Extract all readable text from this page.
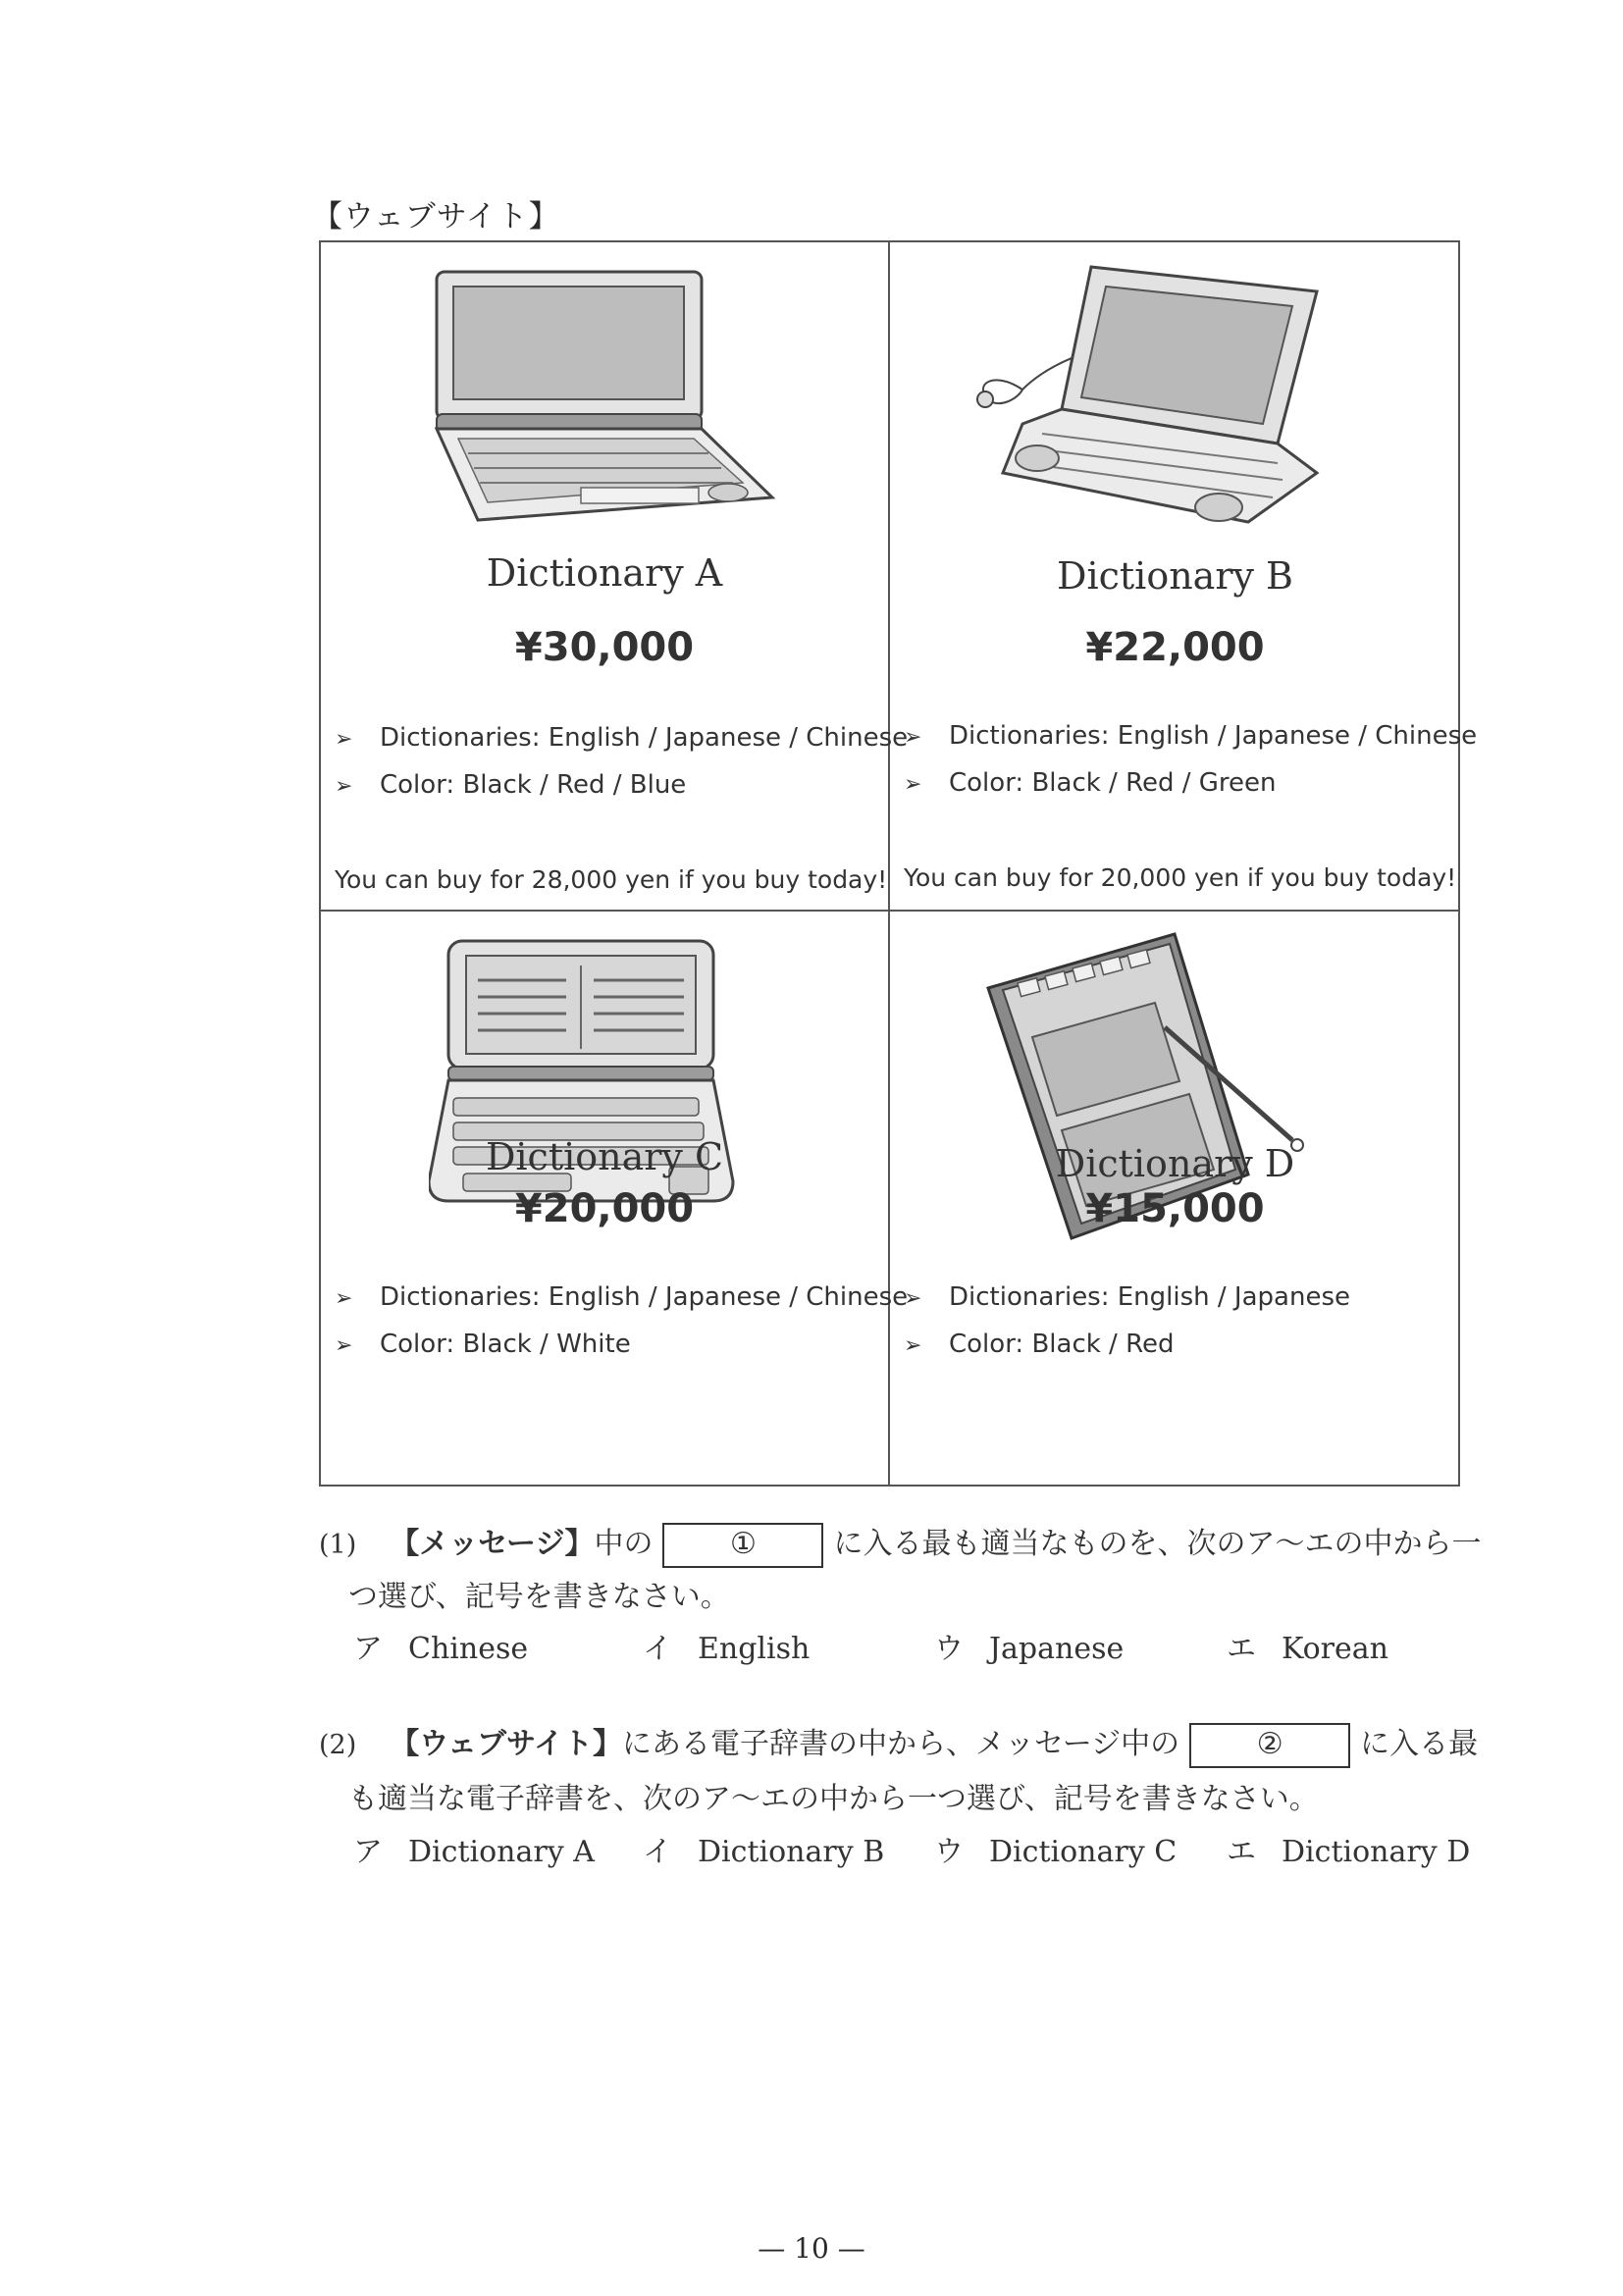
【ウェブサイト】
Dictionary A
¥30,000
➢ Dictionaries: English / Japanese / Chinese
➢ Color: Black / Red / Blue
You can buy for 28,000 yen if you buy today!
Dictionary B
¥22,000
➢ Dictionaries: English / Japanese / Chinese
➢ Color: Black / Red / Green
You can buy for 20,000 yen if you buy today!
Dictionary C
¥20,000
➢ Dictionaries: English / Japanese / Chinese
➢ Color: Black / White
Dictionary D
¥15,000
➢ Dictionaries: English / Japanese
➢ Color: Black / Red
(1) 【メッセージ】中の	①	に入る最も適当なものを、次のア～エの中から一
つ選び、記号を書きなさい。
ア Chinese	イ English	ウ Japanese	エ Korean
(2) 【ウェブサイト】にある電子辞書の中から、メッセージ中の	②	に入る最
も適当な電子辞書を、次のア～エの中から一つ選び、記号を書きなさい。
ア Dictionary A イ Dictionary B ウ Dictionary C エ Dictionary D
— 10 —
